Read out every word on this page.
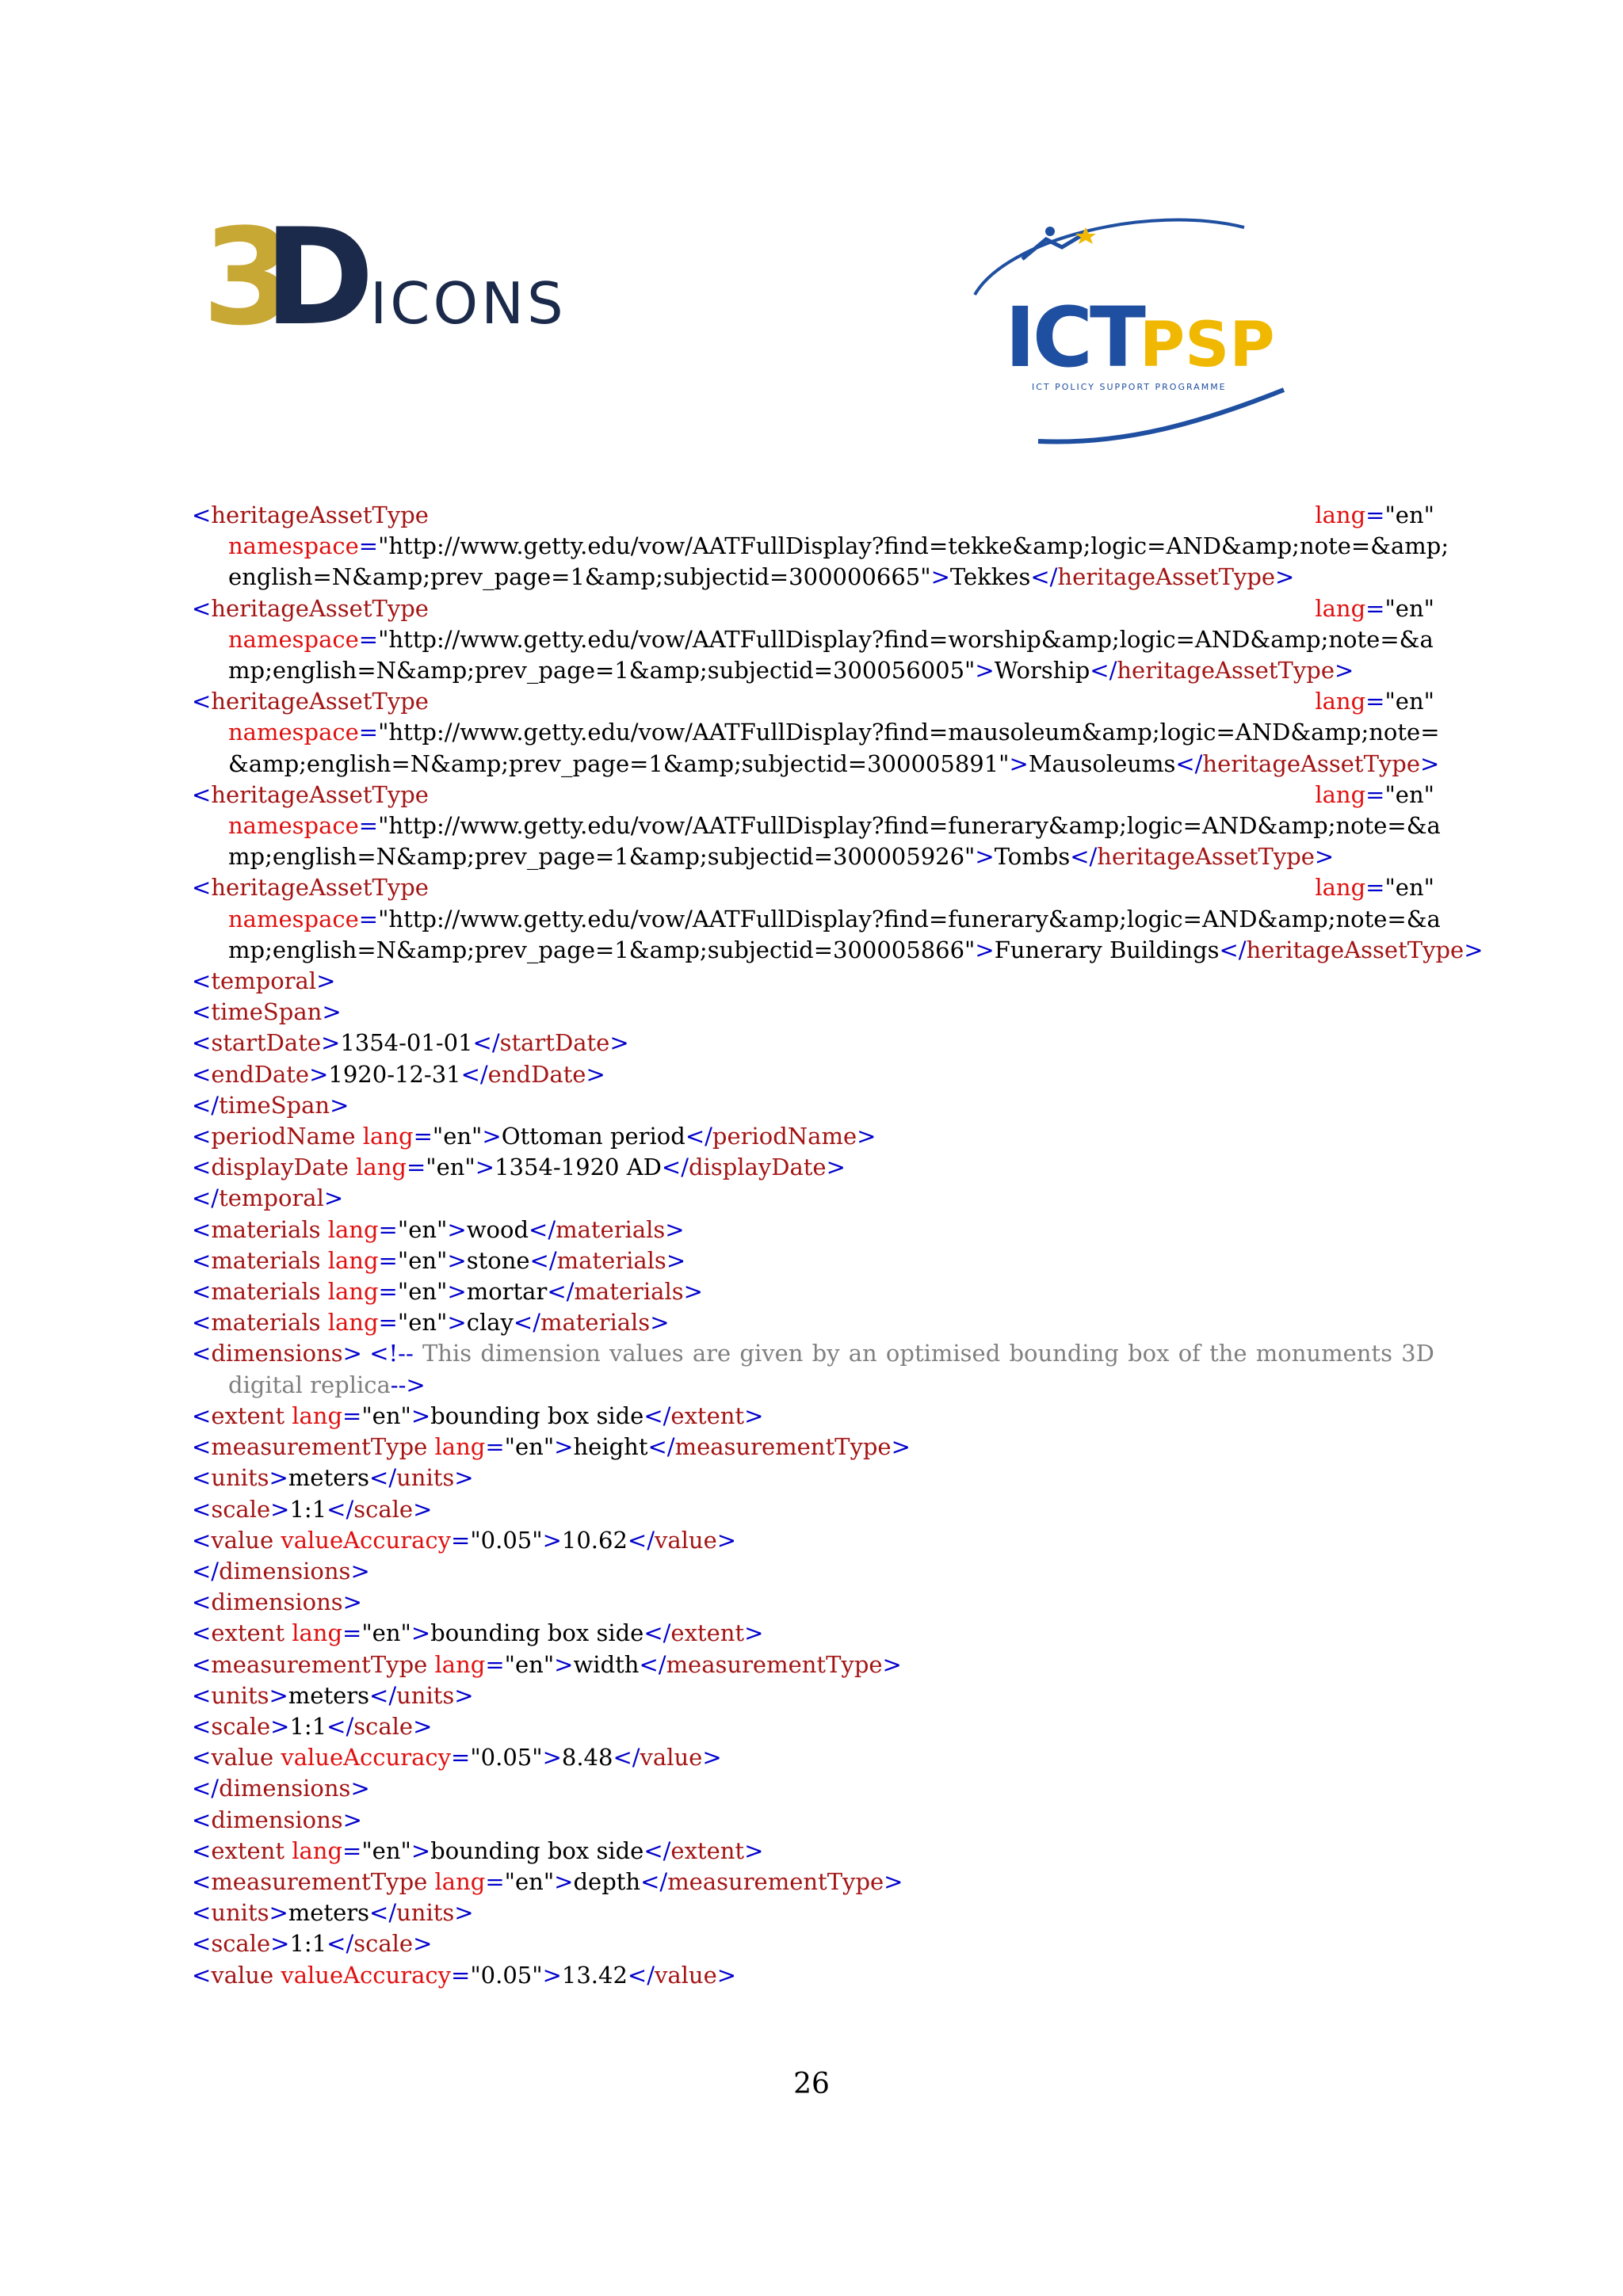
3
D
ICONS	ICT
PSP
ICT POLICY SUPPORT PROGRAMME
<heritageAssetType	lang="en"
namespace="http://www.getty.edu/vow/AATFullDisplay?find=tekke&amp;logic=AND&amp;note=&amp;
english=N&amp;prev_page=1&amp;subjectid=300000665">Tekkes</heritageAssetType>
<heritageAssetType	lang="en"
namespace="http://www.getty.edu/vow/AATFullDisplay?find=worship&amp;logic=AND&amp;note=&a
mp;english=N&amp;prev_page=1&amp;subjectid=300056005">Worship</heritageAssetType>
<heritageAssetType	lang="en"
namespace="http://www.getty.edu/vow/AATFullDisplay?find=mausoleum&amp;logic=AND&amp;note=
&amp;english=N&amp;prev_page=1&amp;subjectid=300005891">Mausoleums</heritageAssetType>
<heritageAssetType	lang="en"
namespace="http://www.getty.edu/vow/AATFullDisplay?find=funerary&amp;logic=AND&amp;note=&a
mp;english=N&amp;prev_page=1&amp;subjectid=300005926">Tombs</heritageAssetType>
<heritageAssetType	lang="en"
namespace="http://www.getty.edu/vow/AATFullDisplay?find=funerary&amp;logic=AND&amp;note=&a
mp;english=N&amp;prev_page=1&amp;subjectid=300005866">Funerary Buildings</heritageAssetType>
<temporal>
<timeSpan>
<startDate>1354-01-01</startDate>
<endDate>1920-12-31</endDate>
</timeSpan>
<periodName lang="en">Ottoman period</periodName>
<displayDate lang="en">1354-1920 AD</displayDate>
</temporal>
<materials lang="en">wood</materials>
<materials lang="en">stone</materials>
<materials lang="en">mortar</materials>
<materials lang="en">clay</materials>
<dimensions> <!-- This dimension values are given by an optimised bounding box of the monuments 3D
digital replica-->
<extent lang="en">bounding box side</extent>
<measurementType lang="en">height</measurementType>
<units>meters</units>
<scale>1:1</scale>
<value valueAccuracy="0.05">10.62</value>
</dimensions>
<dimensions>
<extent lang="en">bounding box side</extent>
<measurementType lang="en">width</measurementType>
<units>meters</units>
<scale>1:1</scale>
<value valueAccuracy="0.05">8.48</value>
</dimensions>
<dimensions>
<extent lang="en">bounding box side</extent>
<measurementType lang="en">depth</measurementType>
<units>meters</units>
<scale>1:1</scale>
<value valueAccuracy="0.05">13.42</value>
26
